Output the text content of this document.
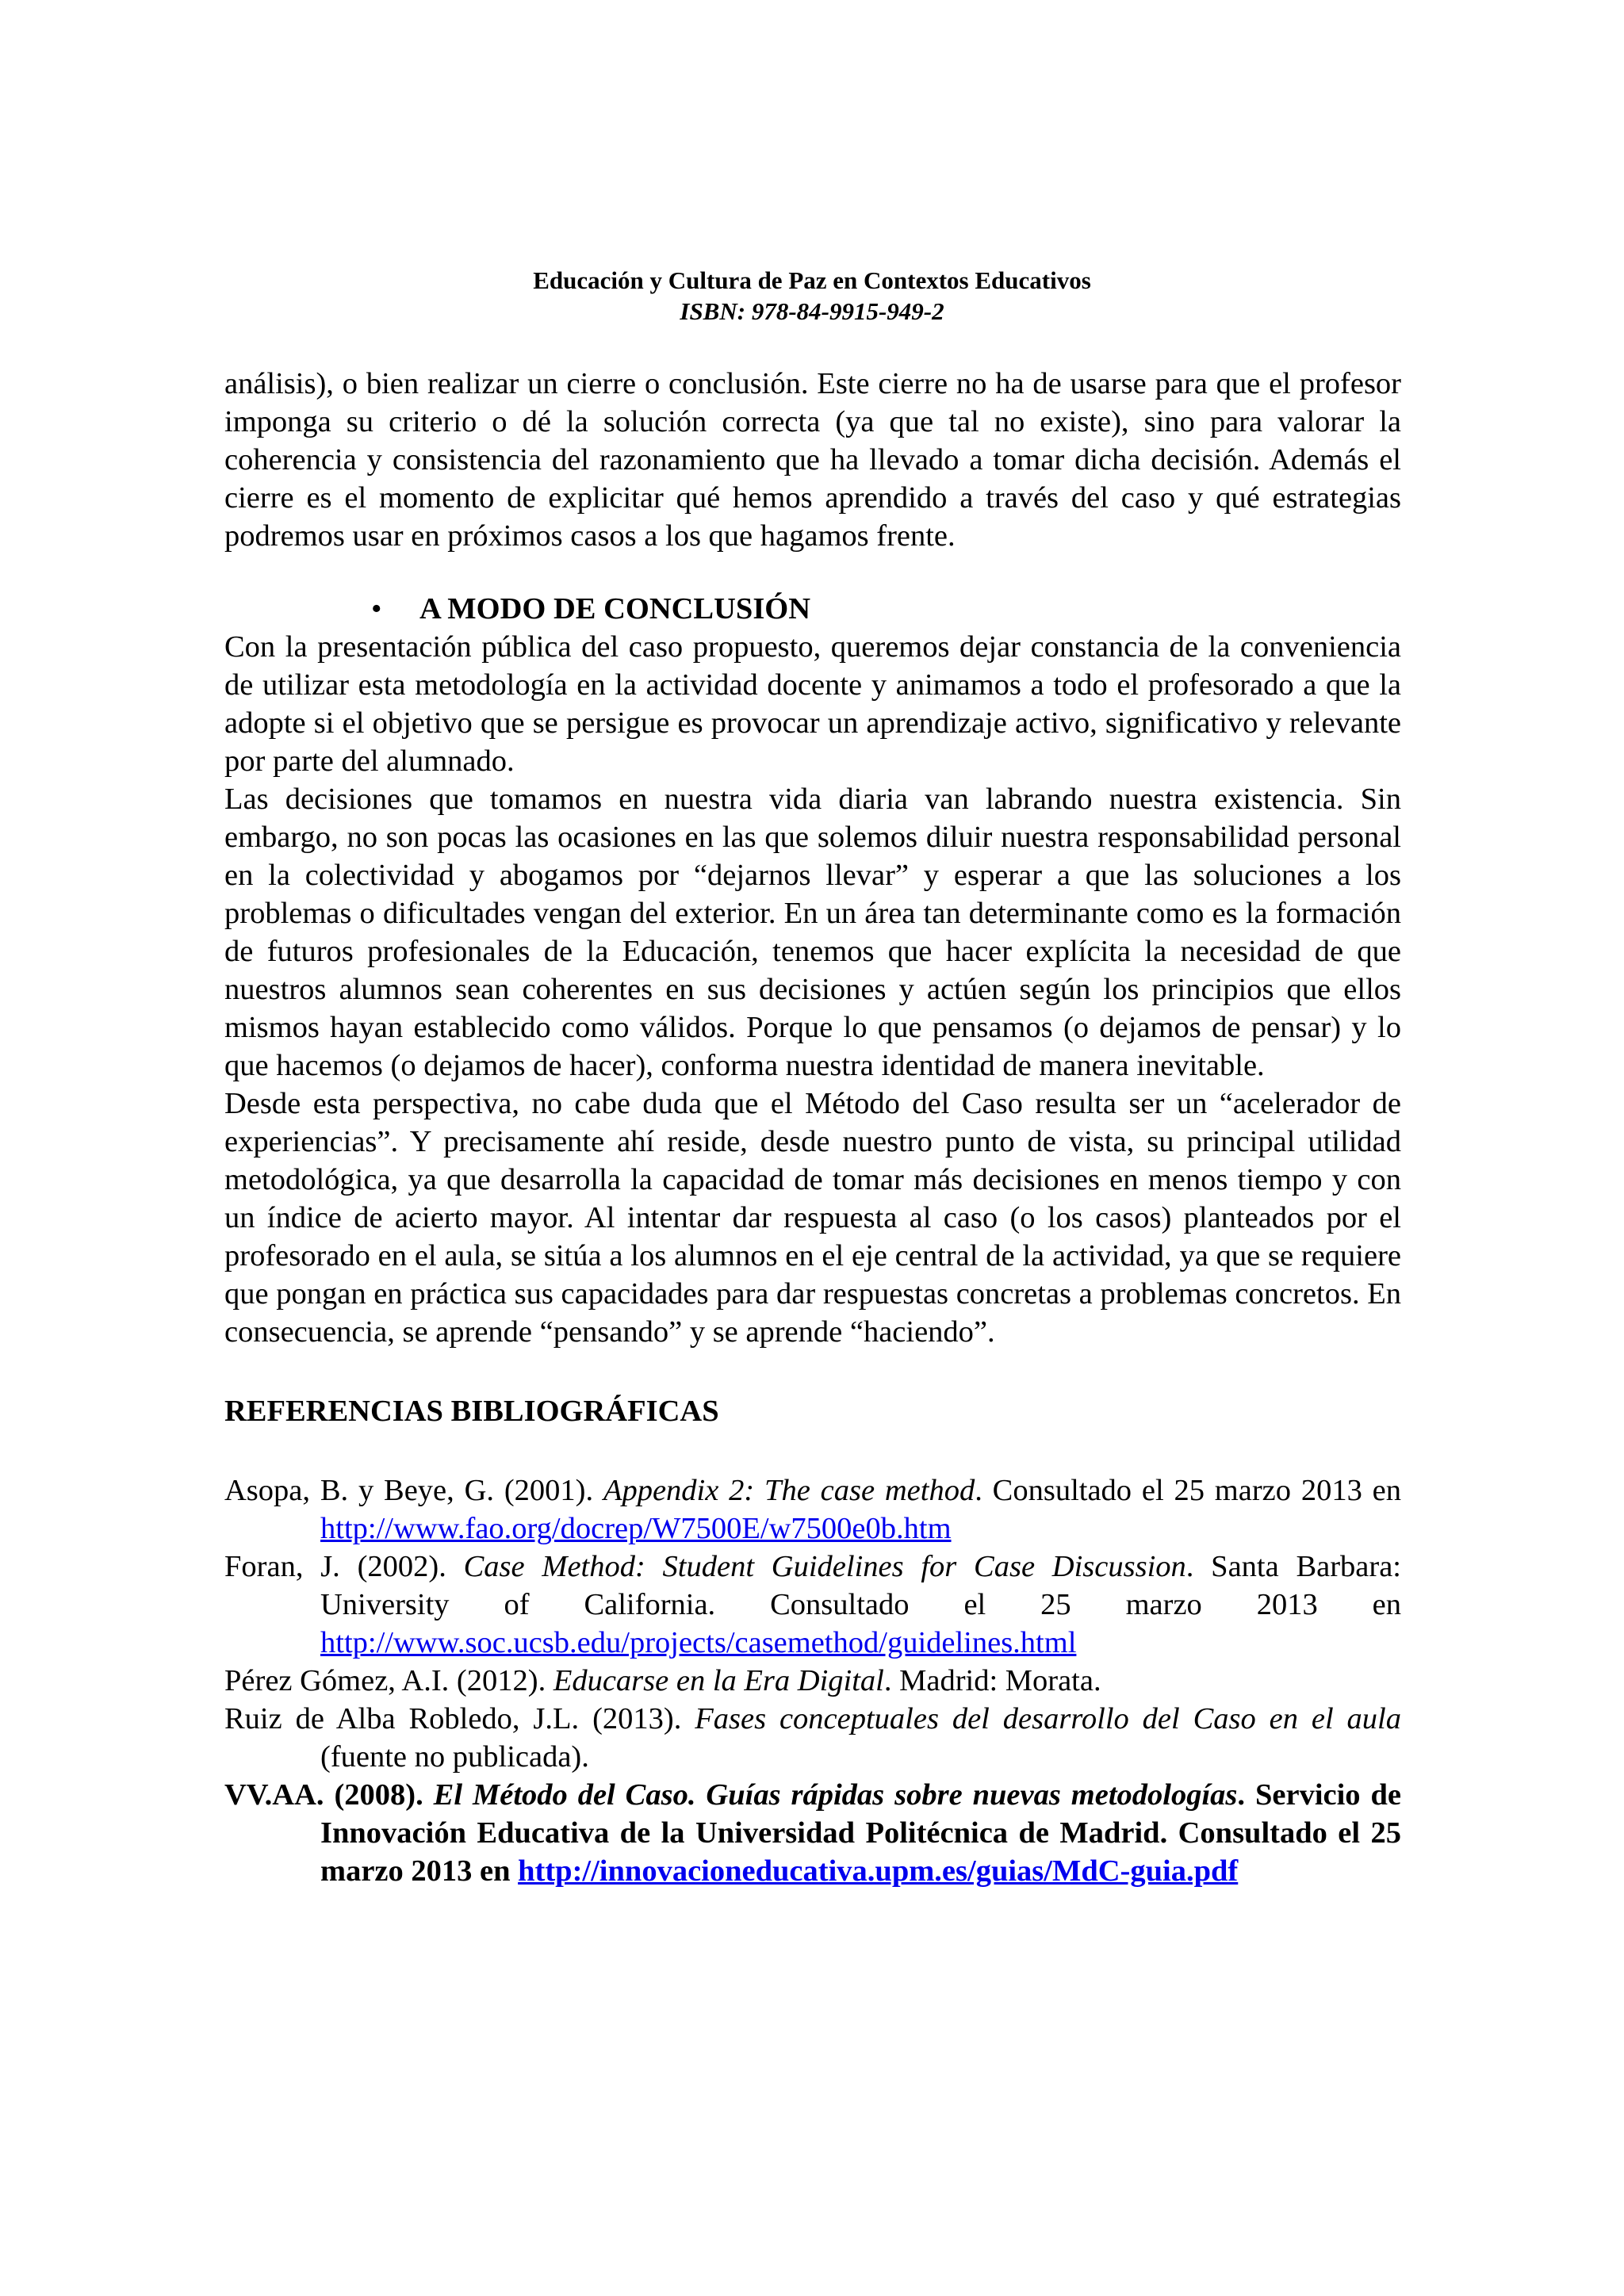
Educación y Cultura de Paz en Contextos Educativos
ISBN: 978-84-9915-949-2

análisis), o bien realizar un cierre o conclusión. Este cierre no ha de usarse para que el profesor imponga su criterio o dé la solución correcta (ya que tal no existe), sino para valorar la coherencia y consistencia del razonamiento que ha llevado a tomar dicha decisión. Además el cierre es el momento de explicitar qué hemos aprendido a través del caso y qué estrategias podremos usar en próximos casos a los que hagamos frente.

• A MODO DE CONCLUSIÓN

Con la presentación pública del caso propuesto, queremos dejar constancia de la conveniencia de utilizar esta metodología en la actividad docente y animamos a todo el profesorado a que la adopte si el objetivo que se persigue es provocar un aprendizaje activo, significativo y relevante por parte del alumnado.

Las decisiones que tomamos en nuestra vida diaria van labrando nuestra existencia. Sin embargo, no son pocas las ocasiones en las que solemos diluir nuestra responsabilidad personal en la colectividad y abogamos por “dejarnos llevar” y esperar a que las soluciones a los problemas o dificultades vengan del exterior. En un área tan determinante como es la formación de futuros profesionales de la Educación, tenemos que hacer explícita la necesidad de que nuestros alumnos sean coherentes en sus decisiones y actúen según los principios que ellos mismos hayan establecido como válidos. Porque lo que pensamos (o dejamos de pensar) y lo que hacemos (o dejamos de hacer), conforma nuestra identidad de manera inevitable.

Desde esta perspectiva, no cabe duda que el Método del Caso resulta ser un “acelerador de experiencias”. Y precisamente ahí reside, desde nuestro punto de vista, su principal utilidad metodológica, ya que desarrolla la capacidad de tomar más decisiones en menos tiempo y con un índice de acierto mayor. Al intentar dar respuesta al caso (o los casos) planteados por el profesorado en el aula, se sitúa a los alumnos en el eje central de la actividad, ya que se requiere que pongan en práctica sus capacidades para dar respuestas concretas a problemas concretos. En consecuencia, se aprende “pensando” y se aprende “haciendo”.

REFERENCIAS BIBLIOGRÁFICAS

Asopa, B. y Beye, G. (2001). Appendix 2: The case method. Consultado el 25 marzo 2013 en http://www.fao.org/docrep/W7500E/w7500e0b.htm

Foran, J. (2002). Case Method: Student Guidelines for Case Discussion. Santa Barbara: University of California. Consultado el 25 marzo 2013 en http://www.soc.ucsb.edu/projects/casemethod/guidelines.html

Pérez Gómez, A.I. (2012). Educarse en la Era Digital. Madrid: Morata.

Ruiz de Alba Robledo, J.L. (2013). Fases conceptuales del desarrollo del Caso en el aula (fuente no publicada).

VV.AA. (2008). El Método del Caso. Guías rápidas sobre nuevas metodologías. Servicio de Innovación Educativa de la Universidad Politécnica de Madrid. Consultado el 25 marzo 2013 en http://innovacioneducativa.upm.es/guias/MdC-guia.pdf
